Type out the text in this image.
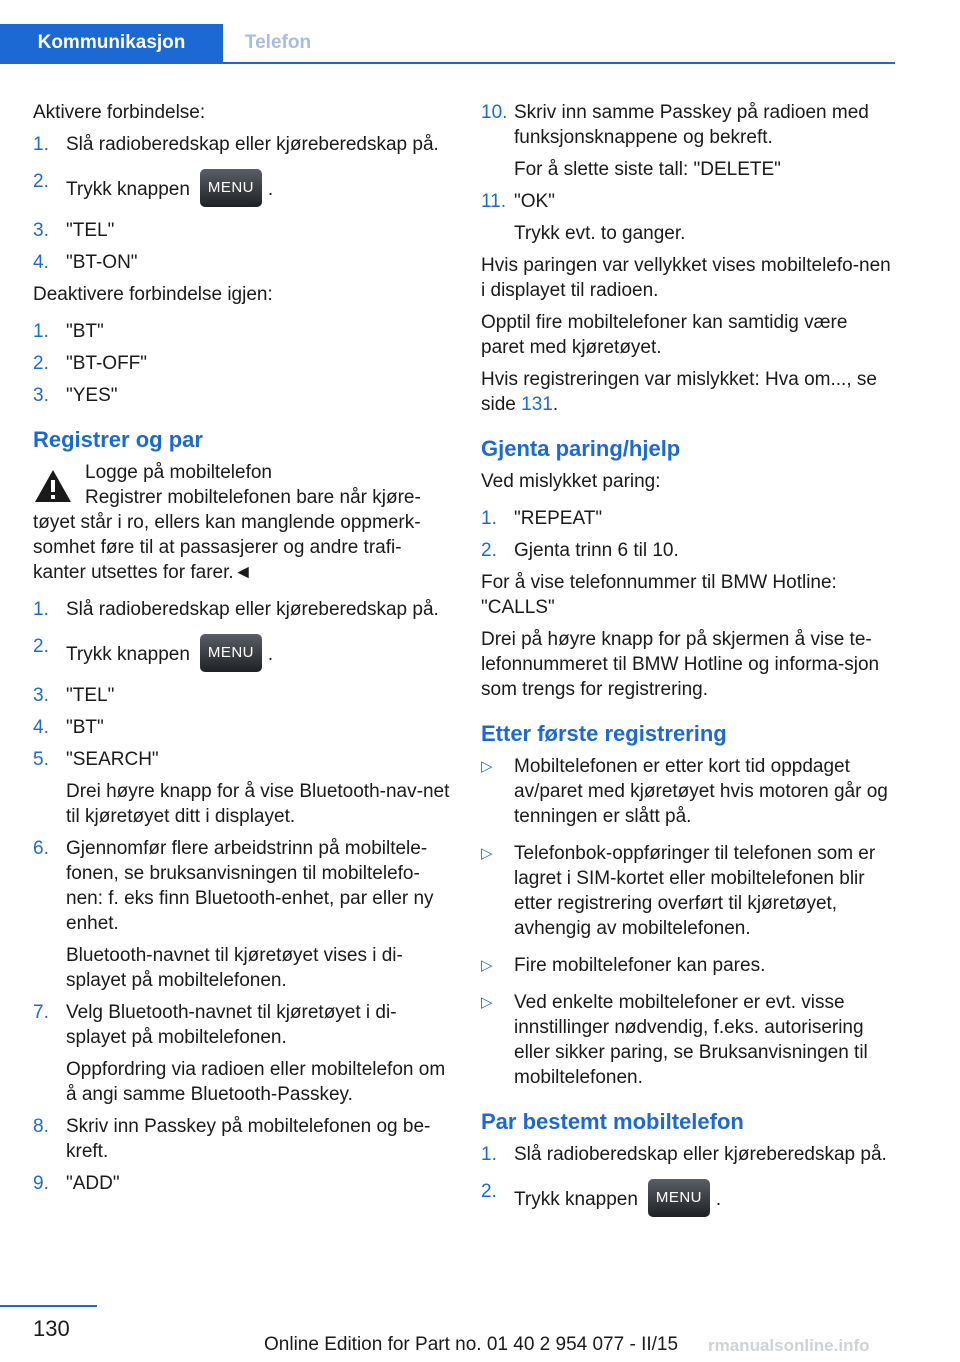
Kommunikasjon	Telefon

Aktivere forbindelse:

1. Slå radioberedskap eller kjøreberedskap på.
2. Trykk knappen MENU .
3. "TEL"
4. "BT-ON"

Deaktivere forbindelse igjen:

1. "BT"
2. "BT-OFF"
3. "YES"
Registrer og par
Logge på mobiltelefon
Registrer mobiltelefonen bare når kjøre-

tøyet står i ro, ellers kan manglende oppmerk-somhet føre til at passasjerer og andre trafi-kanter utsettes for farer.◄

1. Slå radioberedskap eller kjøreberedskap på.
2. Trykk knappen MENU .
3. "TEL"
4. "BT"
5. "SEARCH"
Drei høyre knapp for å vise Bluetooth-nav-net til kjøretøyet ditt i displayet.
6. Gjennomfør flere arbeidstrinn på mobiltele-fonen, se bruksanvisningen til mobiltelefo-nen: f. eks finn Bluetooth-enhet, par eller ny enhet.
Bluetooth-navnet til kjøretøyet vises i di-splayet på mobiltelefonen.
7. Velg Bluetooth-navnet til kjøretøyet i di-splayet på mobiltelefonen.
Oppfordring via radioen eller mobiltelefon om å angi samme Bluetooth-Passkey.
8. Skriv inn Passkey på mobiltelefonen og be-kreft.
9. "ADD"
10. Skriv inn samme Passkey på radioen med funksjonsknappene og bekreft.
For å slette siste tall: "DELETE"
11. "OK"
Trykk evt. to ganger.

Hvis paringen var vellykket vises mobiltelefo-nen i displayet til radioen.

Opptil fire mobiltelefoner kan samtidig være paret med kjøretøyet.

Hvis registreringen var mislykket: Hva om..., se side 131.

Gjenta paring/hjelp

Ved mislykket paring:

1. "REPEAT"
2. Gjenta trinn 6 til 10.

For å vise telefonnummer til BMW Hotline: "CALLS"

Drei på høyre knapp for på skjermen å vise te-lefonnummeret til BMW Hotline og informa-sjon som trengs for registrering.

Etter første registrering
▷ Mobiltelefonen er etter kort tid oppdaget av/paret med kjøretøyet hvis motoren går og tenningen er slått på.
▷ Telefonbok-oppføringer til telefonen som er lagret i SIM-kortet eller mobiltelefonen blir etter registrering overført til kjøretøyet, avhengig av mobiltelefonen.
▷ Fire mobiltelefoner kan pares.
▷ Ved enkelte mobiltelefoner er evt. visse innstillinger nødvendig, f.eks. autorisering eller sikker paring, se Bruksanvisningen til mobiltelefonen.
Par bestemt mobiltelefon
1. Slå radioberedskap eller kjøreberedskap på.
2. Trykk knappen MENU .
130
Online Edition for Part no. 01 40 2 954 077 - II/15 rmanualsonline.info
